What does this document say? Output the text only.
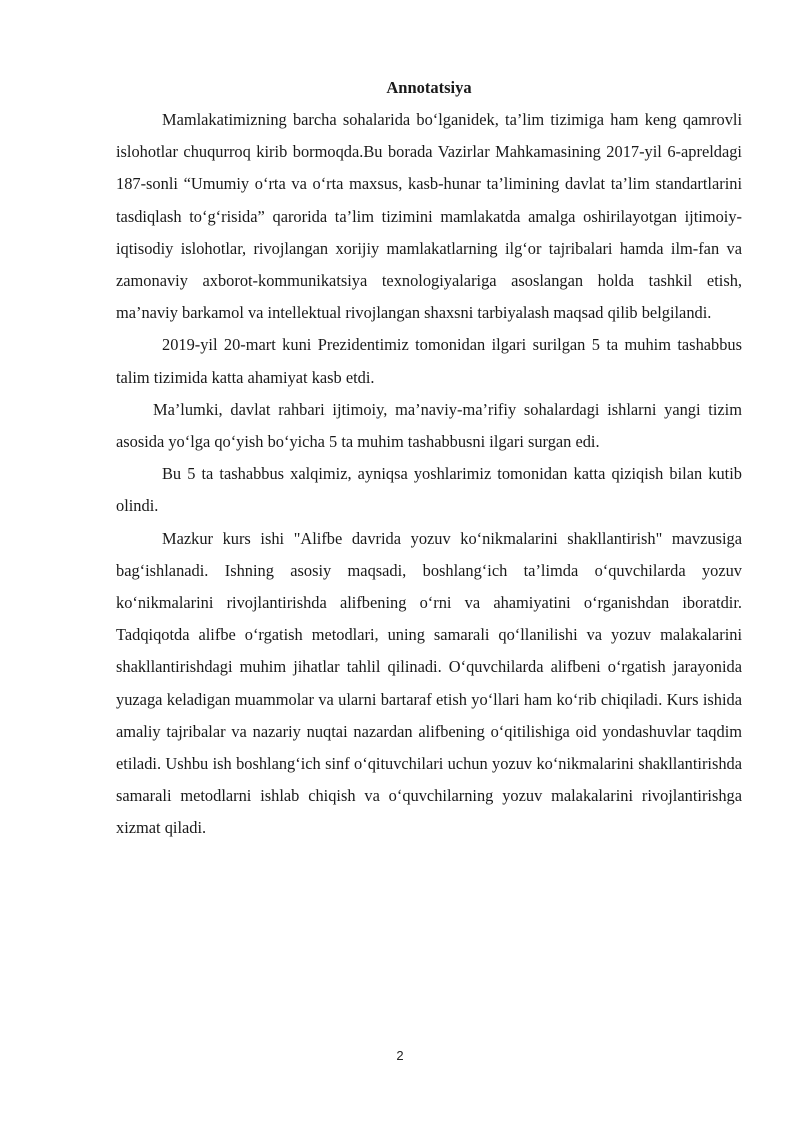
Annotatsiya

Mamlakatimizning barcha sohalarida bo‘lganidek, ta’lim tizimiga ham keng qamrovli islohotlar chuqurroq kirib bormoqda.Bu borada Vazirlar Mahkamasining 2017-yil 6-apreldagi 187-sonli “Umumiy o‘rta va o‘rta maxsus, kasb-hunar ta’limining davlat ta’lim standartlarini tasdiqlash to‘g‘risida” qarorida ta’lim tizimini mamlakatda amalga oshirilayotgan ijtimoiy-iqtisodiy islohotlar, rivojlangan xorijiy mamlakatlarning ilg‘or tajribalari hamda ilm-fan va zamonaviy axborot-kommunikatsiya texnologiyalariga asoslangan holda tashkil etish, ma’naviy barkamol va intellektual rivojlangan shaxsni tarbiyalash maqsad qilib belgilandi.

2019-yil 20-mart kuni Prezidentimiz tomonidan ilgari surilgan 5 ta muhim tashabbus talim tizimida katta ahamiyat kasb etdi.

Ma’lumki, davlat rahbari ijtimoiy, ma’naviy-ma’rifiy sohalardagi ishlarni yangi tizim asosida yo‘lga qo‘yish bo‘yicha 5 ta muhim tashabbusni ilgari surgan edi.

Bu 5 ta tashabbus xalqimiz, ayniqsa yoshlarimiz tomonidan katta qiziqish bilan kutib olindi.

Mazkur kurs ishi "Alifbe davrida yozuv ko‘nikmalarini shakllantirish" mavzusiga bag‘ishlanadi. Ishning asosiy maqsadi, boshlang‘ich ta’limda o‘quvchilarda yozuv ko‘nikmalarini rivojlantirishda alifbening o‘rni va ahamiyatini o‘rganishdan iboratdir. Tadqiqotda alifbe o‘rgatish metodlari, uning samarali qo‘llanilishi va yozuv malakalarini shakllantirishdagi muhim jihatlar tahlil qilinadi. O‘quvchilarda alifbeni o‘rgatish jarayonida yuzaga keladigan muammolar va ularni bartaraf etish yo‘llari ham ko‘rib chiqiladi. Kurs ishida amaliy tajribalar va nazariy nuqtai nazardan alifbening o‘qitilishiga oid yondashuvlar taqdim etiladi. Ushbu ish boshlang‘ich sinf o‘qituvchilari uchun yozuv ko‘nikmalarini shakllantirishda samarali metodlarni ishlab chiqish va o‘quvchilarning yozuv malakalarini rivojlantirishga xizmat qiladi.

2
